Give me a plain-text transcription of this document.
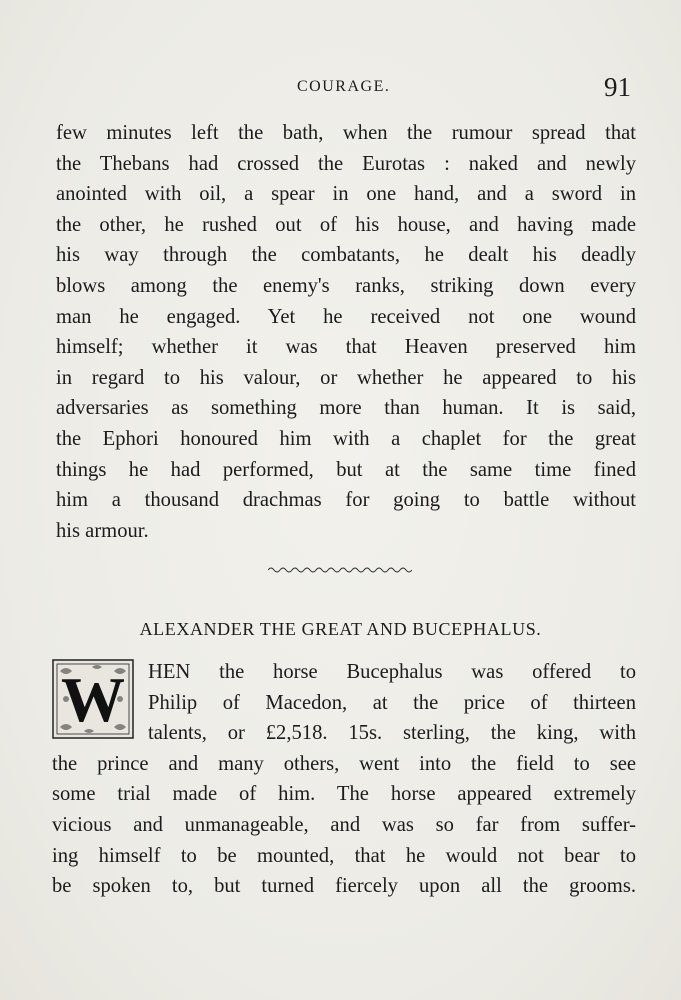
COURAGE.	91
few minutes left the bath, when the rumour spread that
the Thebans had crossed the Eurotas : naked and newly
anointed with oil, a spear in one hand, and a sword in
the other, he rushed out of his house, and having made
his way through the combatants, he dealt his deadly
blows among the enemy's ranks, striking down every
man he engaged. Yet he received not one wound
himself; whether it was that Heaven preserved him
in regard to his valour, or whether he appeared to his
adversaries as something more than human. It is said,
the Ephori honoured him with a chaplet for the great
things he had performed, but at the same time fined
him a thousand drachmas for going to battle without
his armour.
ALEXANDER THE GREAT AND BUCEPHALUS.
W HEN the horse Bucephalus was offered to
Philip of Macedon, at the price of thirteen
talents, or £2,518. 15s. sterling, the king, with
the prince and many others, went into the field to see
some trial made of him. The horse appeared extremely
vicious and unmanageable, and was so far from suffer-
ing himself to be mounted, that he would not bear to
be spoken to, but turned fiercely upon all the grooms.
